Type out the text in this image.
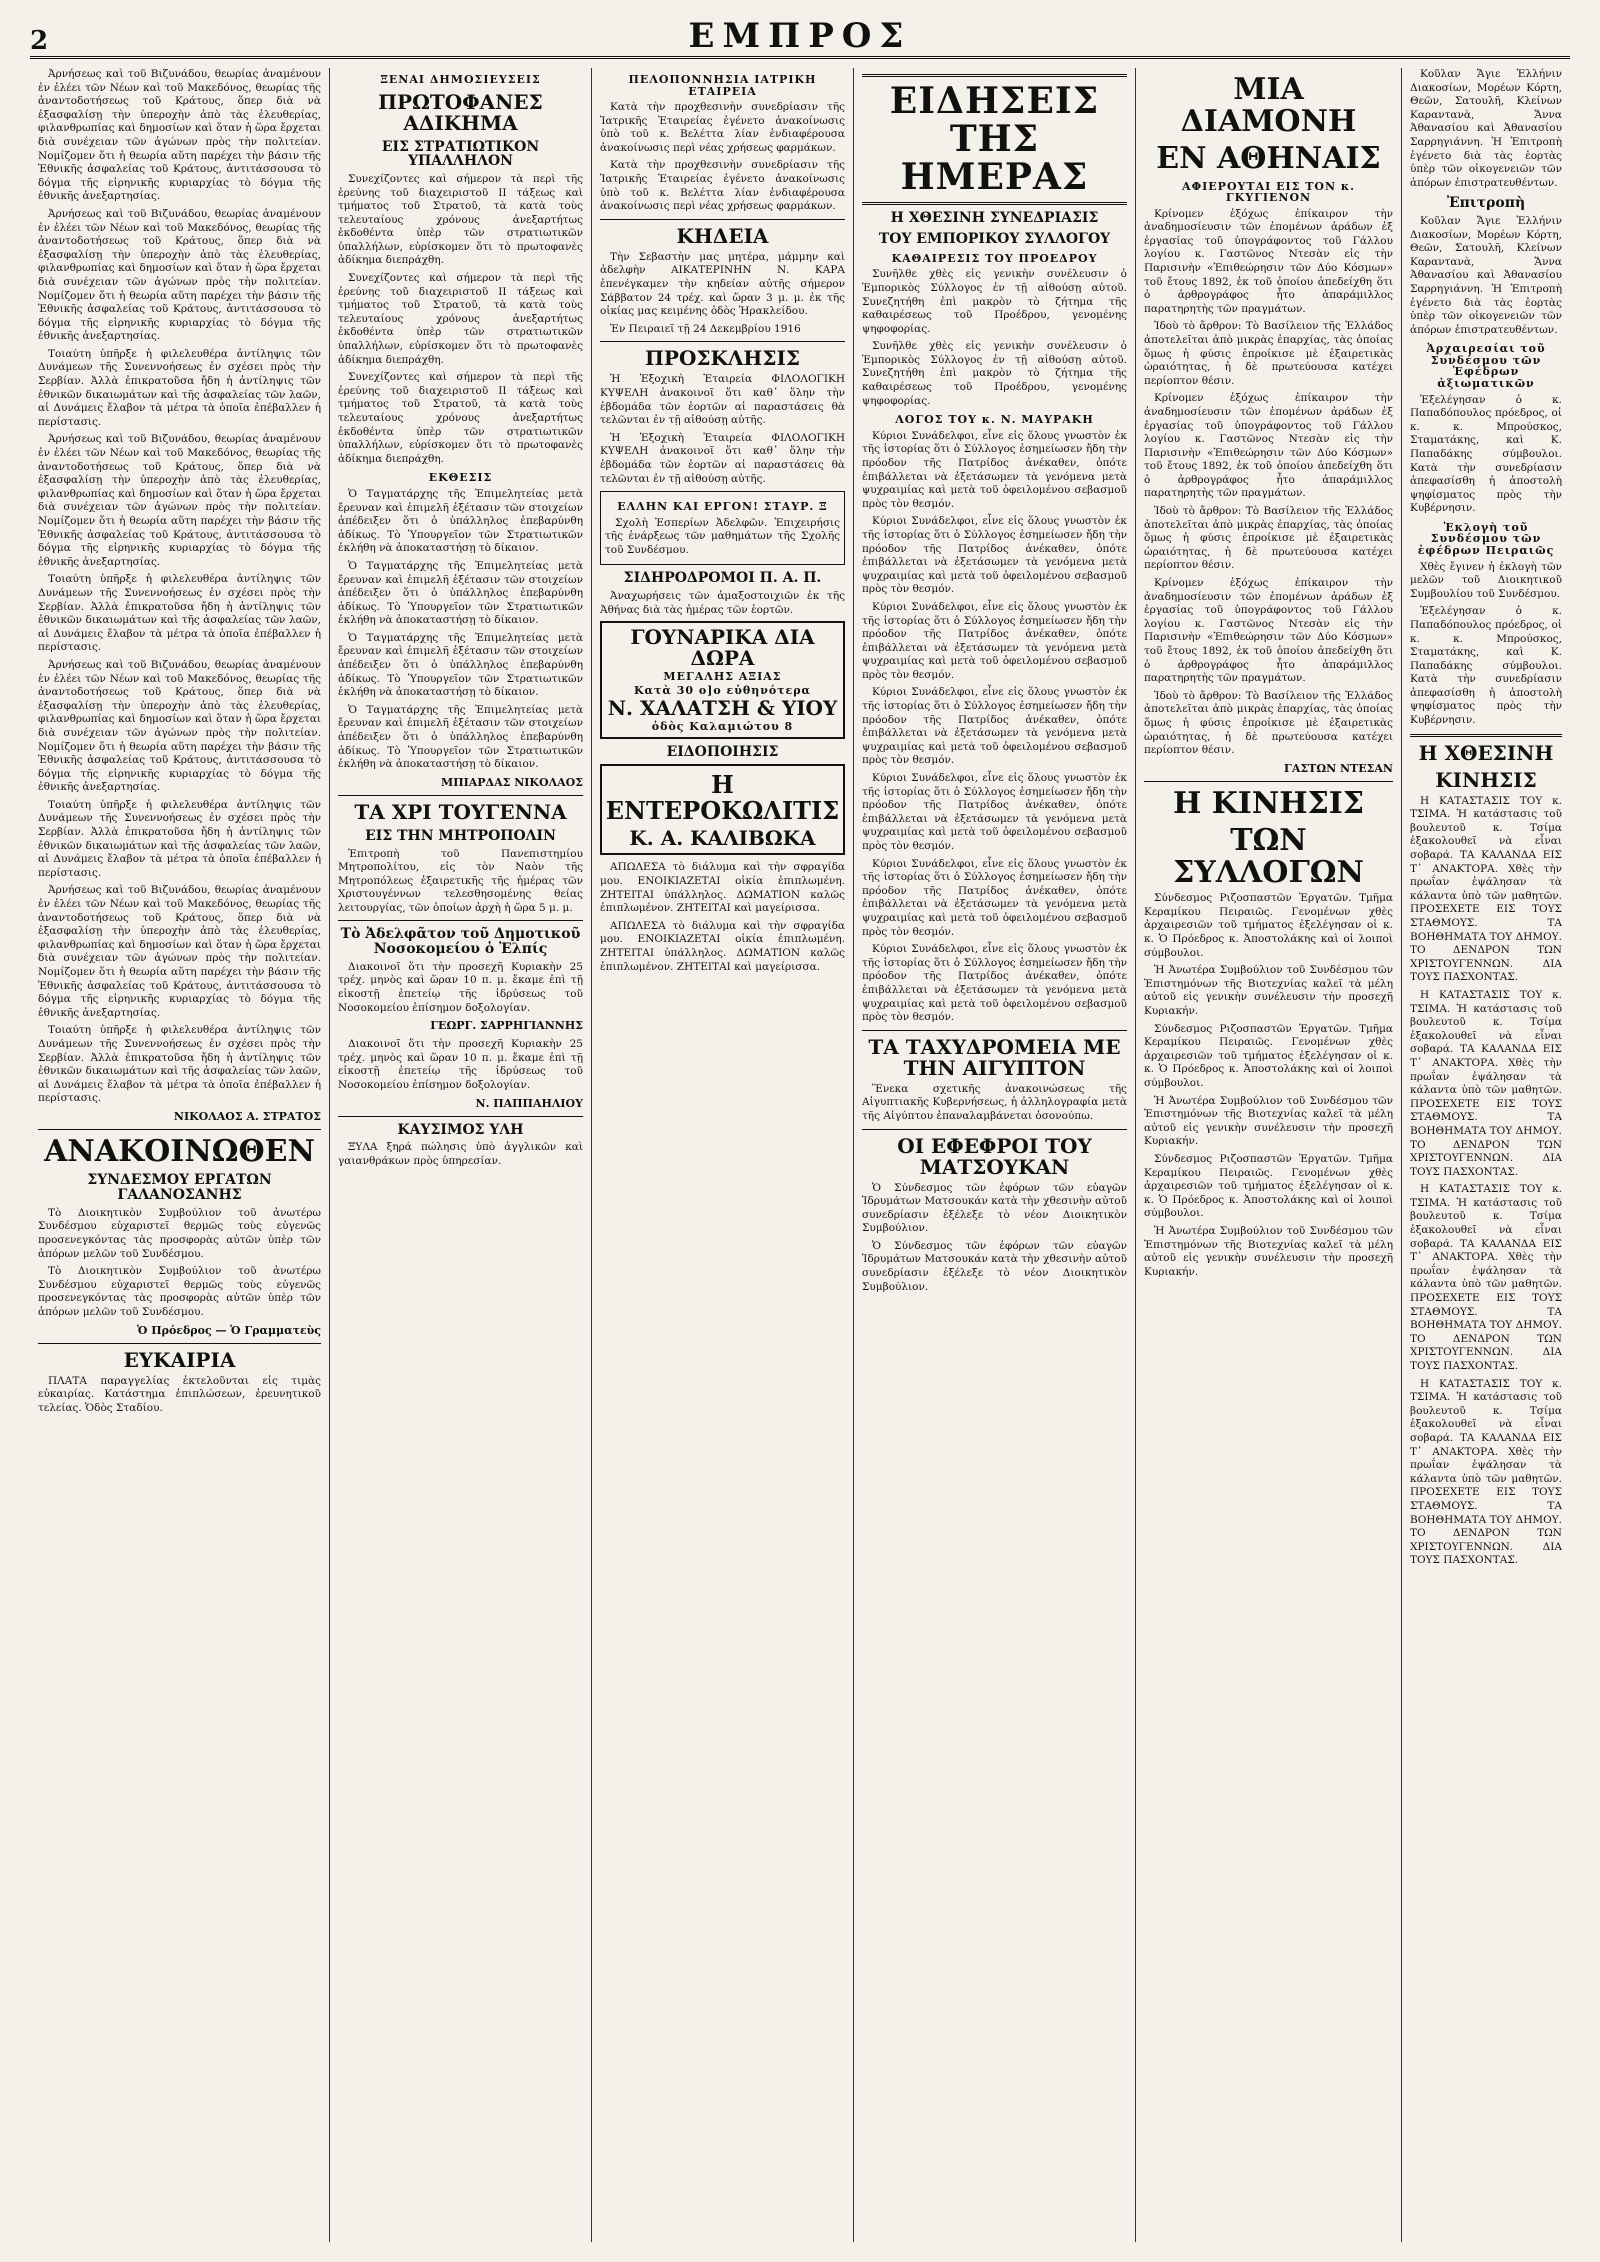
2	ΕΜΠΡΟΣ

Ἀρνήσεως καὶ τοῦ Βιζυνάδου, θεωρίας ἀναμένουν ἐν ἐλέει τῶν Νέων καὶ τοῦ Μακεδόνος, θεωρίας τῆς ἀναντοδοτήσεως τοῦ Κράτους, ὅπερ διὰ νὰ ἐξασφαλίσῃ τὴν ὑπεροχὴν ἀπὸ τὰς ἐλευθερίας, φιλανθρωπίας καὶ δημοσίων καὶ ὅταν ἡ ὥρα ἔρχεται διὰ συνέχειαν τῶν ἀγώνων πρὸς τὴν πολιτείαν. Νομίζομεν ὅτι ἡ θεωρία αὕτη παρέχει τὴν βάσιν τῆς Ἐθνικῆς ἀσφαλείας τοῦ Κράτους, ἀντιτάσσουσα τὸ δόγμα τῆς εἰρηνικῆς κυριαρχίας τὸ δόγμα τῆς ἐθνικῆς ἀνεξαρτησίας.

Ἀρνήσεως καὶ τοῦ Βιζυνάδου, θεωρίας ἀναμένουν ἐν ἐλέει τῶν Νέων καὶ τοῦ Μακεδόνος, θεωρίας τῆς ἀναντοδοτήσεως τοῦ Κράτους, ὅπερ διὰ νὰ ἐξασφαλίσῃ τὴν ὑπεροχὴν ἀπὸ τὰς ἐλευθερίας, φιλανθρωπίας καὶ δημοσίων καὶ ὅταν ἡ ὥρα ἔρχεται διὰ συνέχειαν τῶν ἀγώνων πρὸς τὴν πολιτείαν. Νομίζομεν ὅτι ἡ θεωρία αὕτη παρέχει τὴν βάσιν τῆς Ἐθνικῆς ἀσφαλείας τοῦ Κράτους, ἀντιτάσσουσα τὸ δόγμα τῆς εἰρηνικῆς κυριαρχίας τὸ δόγμα τῆς ἐθνικῆς ἀνεξαρτησίας.

Τοιαύτη ὑπῆρξε ἡ φιλελευθέρα ἀντίληψις τῶν Δυνάμεων τῆς Συνεννοήσεως ἐν σχέσει πρὸς τὴν Σερβίαν. Ἀλλὰ ἐπικρατοῦσα ἤδη ἡ ἀντίληψις τῶν ἐθνικῶν δικαιωμάτων καὶ τῆς ἀσφαλείας τῶν λαῶν, αἱ Δυνάμεις ἔλαβον τὰ μέτρα τὰ ὁποῖα ἐπέβαλλεν ἡ περίστασις.

Ἀρνήσεως καὶ τοῦ Βιζυνάδου, θεωρίας ἀναμένουν ἐν ἐλέει τῶν Νέων καὶ τοῦ Μακεδόνος, θεωρίας τῆς ἀναντοδοτήσεως τοῦ Κράτους, ὅπερ διὰ νὰ ἐξασφαλίσῃ τὴν ὑπεροχὴν ἀπὸ τὰς ἐλευθερίας, φιλανθρωπίας καὶ δημοσίων καὶ ὅταν ἡ ὥρα ἔρχεται διὰ συνέχειαν τῶν ἀγώνων πρὸς τὴν πολιτείαν. Νομίζομεν ὅτι ἡ θεωρία αὕτη παρέχει τὴν βάσιν τῆς Ἐθνικῆς ἀσφαλείας τοῦ Κράτους, ἀντιτάσσουσα τὸ δόγμα τῆς εἰρηνικῆς κυριαρχίας τὸ δόγμα τῆς ἐθνικῆς ἀνεξαρτησίας.

Τοιαύτη ὑπῆρξε ἡ φιλελευθέρα ἀντίληψις τῶν Δυνάμεων τῆς Συνεννοήσεως ἐν σχέσει πρὸς τὴν Σερβίαν. Ἀλλὰ ἐπικρατοῦσα ἤδη ἡ ἀντίληψις τῶν ἐθνικῶν δικαιωμάτων καὶ τῆς ἀσφαλείας τῶν λαῶν, αἱ Δυνάμεις ἔλαβον τὰ μέτρα τὰ ὁποῖα ἐπέβαλλεν ἡ περίστασις.

Ἀρνήσεως καὶ τοῦ Βιζυνάδου, θεωρίας ἀναμένουν ἐν ἐλέει τῶν Νέων καὶ τοῦ Μακεδόνος, θεωρίας τῆς ἀναντοδοτήσεως τοῦ Κράτους, ὅπερ διὰ νὰ ἐξασφαλίσῃ τὴν ὑπεροχὴν ἀπὸ τὰς ἐλευθερίας, φιλανθρωπίας καὶ δημοσίων καὶ ὅταν ἡ ὥρα ἔρχεται διὰ συνέχειαν τῶν ἀγώνων πρὸς τὴν πολιτείαν. Νομίζομεν ὅτι ἡ θεωρία αὕτη παρέχει τὴν βάσιν τῆς Ἐθνικῆς ἀσφαλείας τοῦ Κράτους, ἀντιτάσσουσα τὸ δόγμα τῆς εἰρηνικῆς κυριαρχίας τὸ δόγμα τῆς ἐθνικῆς ἀνεξαρτησίας.

Τοιαύτη ὑπῆρξε ἡ φιλελευθέρα ἀντίληψις τῶν Δυνάμεων τῆς Συνεννοήσεως ἐν σχέσει πρὸς τὴν Σερβίαν. Ἀλλὰ ἐπικρατοῦσα ἤδη ἡ ἀντίληψις τῶν ἐθνικῶν δικαιωμάτων καὶ τῆς ἀσφαλείας τῶν λαῶν, αἱ Δυνάμεις ἔλαβον τὰ μέτρα τὰ ὁποῖα ἐπέβαλλεν ἡ περίστασις.

Ἀρνήσεως καὶ τοῦ Βιζυνάδου, θεωρίας ἀναμένουν ἐν ἐλέει τῶν Νέων καὶ τοῦ Μακεδόνος, θεωρίας τῆς ἀναντοδοτήσεως τοῦ Κράτους, ὅπερ διὰ νὰ ἐξασφαλίσῃ τὴν ὑπεροχὴν ἀπὸ τὰς ἐλευθερίας, φιλανθρωπίας καὶ δημοσίων καὶ ὅταν ἡ ὥρα ἔρχεται διὰ συνέχειαν τῶν ἀγώνων πρὸς τὴν πολιτείαν. Νομίζομεν ὅτι ἡ θεωρία αὕτη παρέχει τὴν βάσιν τῆς Ἐθνικῆς ἀσφαλείας τοῦ Κράτους, ἀντιτάσσουσα τὸ δόγμα τῆς εἰρηνικῆς κυριαρχίας τὸ δόγμα τῆς ἐθνικῆς ἀνεξαρτησίας.

Τοιαύτη ὑπῆρξε ἡ φιλελευθέρα ἀντίληψις τῶν Δυνάμεων τῆς Συνεννοήσεως ἐν σχέσει πρὸς τὴν Σερβίαν. Ἀλλὰ ἐπικρατοῦσα ἤδη ἡ ἀντίληψις τῶν ἐθνικῶν δικαιωμάτων καὶ τῆς ἀσφαλείας τῶν λαῶν, αἱ Δυνάμεις ἔλαβον τὰ μέτρα τὰ ὁποῖα ἐπέβαλλεν ἡ περίστασις.

ΝΙΚΟΛΑΟΣ Α. ΣΤΡΑΤΟΣ
ΑΝΑΚΟΙΝΩΘΕΝ
ΣΥΝΔΕΣΜΟΥ ΕΡΓΑΤΩΝ ΓΑΛΑΝΟΣΑΝΗΣ

Τὸ Διοικητικὸν Συμβούλιον τοῦ ἀνωτέρω Συνδέσμου εὐχαριστεῖ θερμῶς τοὺς εὐγενῶς προσενεγκόντας τὰς προσφορὰς αὐτῶν ὑπὲρ τῶν ἀπόρων μελῶν τοῦ Συνδέσμου.

Τὸ Διοικητικὸν Συμβούλιον τοῦ ἀνωτέρω Συνδέσμου εὐχαριστεῖ θερμῶς τοὺς εὐγενῶς προσενεγκόντας τὰς προσφορὰς αὐτῶν ὑπὲρ τῶν ἀπόρων μελῶν τοῦ Συνδέσμου.

Ὁ Πρόεδρος — Ὁ Γραμματεὺς
ΕΥΚΑΙΡΙΑ

ΠΛΑΤΑ παραγγελίας ἐκτελοῦνται εἰς τιμὰς εὐκαιρίας. Κατάστημα ἐπιπλώσεων, ἐρευνητικοῦ τελείας. Ὁδὸς Σταδίου.

ΞΕΝΑΙ ΔΗΜΟΣΙΕΥΣΕΙΣ
ΠΡΩΤΟΦΑΝΕΣ ΑΔΙΚΗΜΑ
ΕΙΣ ΣΤΡΑΤΙΩΤΙΚΟΝ ΥΠΑΛΛΗΛΟΝ

Συνεχίζοντες καὶ σήμερον τὰ περὶ τῆς ἐρεύνης τοῦ διαχειριστοῦ ΙΙ τάξεως καὶ τμήματος τοῦ Στρατοῦ, τὰ κατὰ τοὺς τελευταίους χρόνους ἀνεξαρτήτως ἐκδοθέντα ὑπὲρ τῶν στρατιωτικῶν ὑπαλλήλων, εὐρίσκομεν ὅτι τὸ πρωτοφανὲς ἀδίκημα διεπράχθη.

Συνεχίζοντες καὶ σήμερον τὰ περὶ τῆς ἐρεύνης τοῦ διαχειριστοῦ ΙΙ τάξεως καὶ τμήματος τοῦ Στρατοῦ, τὰ κατὰ τοὺς τελευταίους χρόνους ἀνεξαρτήτως ἐκδοθέντα ὑπὲρ τῶν στρατιωτικῶν ὑπαλλήλων, εὐρίσκομεν ὅτι τὸ πρωτοφανὲς ἀδίκημα διεπράχθη.

Συνεχίζοντες καὶ σήμερον τὰ περὶ τῆς ἐρεύνης τοῦ διαχειριστοῦ ΙΙ τάξεως καὶ τμήματος τοῦ Στρατοῦ, τὰ κατὰ τοὺς τελευταίους χρόνους ἀνεξαρτήτως ἐκδοθέντα ὑπὲρ τῶν στρατιωτικῶν ὑπαλλήλων, εὐρίσκομεν ὅτι τὸ πρωτοφανὲς ἀδίκημα διεπράχθη.

ΕΚΘΕΣΙΣ

Ὁ Ταγματάρχης τῆς Ἐπιμελητείας μετὰ ἔρευναν καὶ ἐπιμελῆ ἐξέτασιν τῶν στοιχείων ἀπέδειξεν ὅτι ὁ ὑπάλληλος ἐπεβαρύνθη ἀδίκως. Τὸ Ὑπουργεῖον τῶν Στρατιωτικῶν ἐκλήθη νὰ ἀποκαταστήσῃ τὸ δίκαιον.

Ὁ Ταγματάρχης τῆς Ἐπιμελητείας μετὰ ἔρευναν καὶ ἐπιμελῆ ἐξέτασιν τῶν στοιχείων ἀπέδειξεν ὅτι ὁ ὑπάλληλος ἐπεβαρύνθη ἀδίκως. Τὸ Ὑπουργεῖον τῶν Στρατιωτικῶν ἐκλήθη νὰ ἀποκαταστήσῃ τὸ δίκαιον.

Ὁ Ταγματάρχης τῆς Ἐπιμελητείας μετὰ ἔρευναν καὶ ἐπιμελῆ ἐξέτασιν τῶν στοιχείων ἀπέδειξεν ὅτι ὁ ὑπάλληλος ἐπεβαρύνθη ἀδίκως. Τὸ Ὑπουργεῖον τῶν Στρατιωτικῶν ἐκλήθη νὰ ἀποκαταστήσῃ τὸ δίκαιον.

Ὁ Ταγματάρχης τῆς Ἐπιμελητείας μετὰ ἔρευναν καὶ ἐπιμελῆ ἐξέτασιν τῶν στοιχείων ἀπέδειξεν ὅτι ὁ ὑπάλληλος ἐπεβαρύνθη ἀδίκως. Τὸ Ὑπουργεῖον τῶν Στρατιωτικῶν ἐκλήθη νὰ ἀποκαταστήσῃ τὸ δίκαιον.

ΜΠΙΑΡΔΑΣ ΝΙΚΟΛΑΟΣ
ΤΑ ΧΡΙ ΤΟΥΓΕΝΝΑ
ΕΙΣ ΤΗΝ ΜΗΤΡΟΠΟΛΙΝ

Ἐπιτροπὴ τοῦ Πανεπιστημίου Μητροπολίτου, εἰς τὸν Ναὸν τῆς Μητροπόλεως ἐξαιρετικῆς τῆς ἡμέρας τῶν Χριστουγέννων τελεσθησομένης θείας λειτουργίας, τῶν ὁποίων ἀρχὴ ἡ ὥρα 5 μ. μ.

Τὸ Ἀδελφᾶτον τοῦ Δημοτικοῦ Νοσοκομείου ὁ Ἐλπίς

Διακοινοῖ ὅτι τὴν προσεχῆ Κυριακὴν 25 τρέχ. μηνὸς καὶ ὥραν 10 π. μ. ἔκαμε ἐπὶ τῇ εἰκοστῇ ἐπετείῳ τῆς ἱδρύσεως τοῦ Νοσοκομείου ἐπίσημον δοξολογίαν.

ΓΕΩΡΓ. ΣΑΡΡΗΓΙΑΝΝΗΣ

Διακοινοῖ ὅτι τὴν προσεχῆ Κυριακὴν 25 τρέχ. μηνὸς καὶ ὥραν 10 π. μ. ἔκαμε ἐπὶ τῇ εἰκοστῇ ἐπετείῳ τῆς ἱδρύσεως τοῦ Νοσοκομείου ἐπίσημον δοξολογίαν.

Ν. ΠΑΠΠΑΗΛΙΟΥ
ΚΑΥΣΙΜΟΣ ΥΛΗ

ΞΥΛΑ ξηρά πώλησις ὑπὸ ἀγγλικῶν καὶ γαιανθράκων πρὸς ὑπηρεσίαν.

ΠΕΛΟΠΟΝΝΗΣΙΑ ΙΑΤΡΙΚΗ ΕΤΑΙΡΕΙΑ

Κατὰ τὴν προχθεσινὴν συνεδρίασιν τῆς Ἰατρικῆς Ἑταιρείας ἐγένετο ἀνακοίνωσις ὑπὸ τοῦ κ. Βελέττα λίαν ἐνδιαφέρουσα ἀνακοίνωσις περὶ νέας χρήσεως φαρμάκων.

Κατὰ τὴν προχθεσινὴν συνεδρίασιν τῆς Ἰατρικῆς Ἑταιρείας ἐγένετο ἀνακοίνωσις ὑπὸ τοῦ κ. Βελέττα λίαν ἐνδιαφέρουσα ἀνακοίνωσις περὶ νέας χρήσεως φαρμάκων.

ΚΗΔΕΙΑ

Τὴν Σεβαστὴν μας μητέρα, μάμμην καὶ ἀδελφὴν ΑΙΚΑΤΕΡΙΝΗΝ Ν. ΚΑΡΑ ἐπενέγκαμεν τὴν κηδείαν αὐτῆς σήμερον Σάββατον 24 τρέχ. καὶ ὥραν 3 μ. μ. ἐκ τῆς οἰκίας μας κειμένης ὁδὸς Ἡρακλείδου.

Ἐν Πειραιεῖ τῇ 24 Δεκεμβρίου 1916

ΠΡΟΣΚΛΗΣΙΣ

Ἡ Ἑξοχικὴ Ἑταιρεία ΦΙΛΟΛΟΓΙΚΗ ΚΥΨΕΛΗ ἀνακοινοῖ ὅτι καθ᾽ ὅλην τὴν ἑβδομάδα τῶν ἑορτῶν αἱ παραστάσεις θὰ τελῶνται ἐν τῇ αἰθούσῃ αὐτῆς.

Ἡ Ἑξοχικὴ Ἑταιρεία ΦΙΛΟΛΟΓΙΚΗ ΚΥΨΕΛΗ ἀνακοινοῖ ὅτι καθ᾽ ὅλην τὴν ἑβδομάδα τῶν ἑορτῶν αἱ παραστάσεις θὰ τελῶνται ἐν τῇ αἰθούσῃ αὐτῆς.

ΕΛΛΗΝ ΚΑΙ ΕΡΓΟΝ! ΣΤΑΥΡ. Ξ

Σχολὴ Ἑσπερίων Ἀδελφῶν. Ἐπιχειρήσις τῆς ἐνάρξεως τῶν μαθημάτων τῆς Σχολῆς τοῦ Συνδέσμου.

ΣΙΔΗΡΟΔΡΟΜΟΙ Π. Α. Π.

Ἀναχωρήσεις τῶν ἀμαξοστοιχιῶν ἐκ τῆς Ἀθήνας διὰ τὰς ἡμέρας τῶν ἑορτῶν.

ΓΟΥΝΑΡΙΚΑ ΔΙΑ ΔΩΡΑ
ΜΕΓΑΛΗΣ ΑΞΙΑΣ
Κατὰ 30 ο]ο εὐθηνότερα
Ν. ΧΑΛΑΤΣΗ & ΥΙΟΥ
ὁδὸς Καλαμιώτου 8
ΕΙΔΟΠΟΙΗΣΙΣ
Η ΕΝΤΕΡΟΚΩΛΙΤΙΣ
Κ. Α. ΚΑΛΙΒΩΚΑ

ΑΠΩΛΕΣΑ τὸ διάλυμα καὶ τὴν σφραγίδα μου. ΕΝΟΙΚΙΑΖΕΤΑΙ οἰκία ἐπιπλωμένη. ΖΗΤΕΙΤΑΙ ὑπάλληλος. ΔΩΜΑΤΙΟΝ καλῶς ἐπιπλωμένον. ΖΗΤΕΙΤΑΙ καὶ μαγείρισσα.

ΑΠΩΛΕΣΑ τὸ διάλυμα καὶ τὴν σφραγίδα μου. ΕΝΟΙΚΙΑΖΕΤΑΙ οἰκία ἐπιπλωμένη. ΖΗΤΕΙΤΑΙ ὑπάλληλος. ΔΩΜΑΤΙΟΝ καλῶς ἐπιπλωμένον. ΖΗΤΕΙΤΑΙ καὶ μαγείρισσα.

ΕΙΔΗΣΕΙΣ ΤΗΣ ΗΜΕΡΑΣ
Η ΧΘΕΣΙΝΗ ΣΥΝΕΔΡΙΑΣΙΣ
ΤΟΥ ΕΜΠΟΡΙΚΟΥ ΣΥΛΛΟΓΟΥ
ΚΑΘΑΙΡΕΣΙΣ ΤΟΥ ΠΡΟΕΔΡΟΥ

Συνῆλθε χθὲς εἰς γενικὴν συνέλευσιν ὁ Ἐμπορικὸς Σύλλογος ἐν τῇ αἰθούσῃ αὐτοῦ. Συνεζητήθη ἐπὶ μακρὸν τὸ ζήτημα τῆς καθαιρέσεως τοῦ Προέδρου, γενομένης ψηφοφορίας.

Συνῆλθε χθὲς εἰς γενικὴν συνέλευσιν ὁ Ἐμπορικὸς Σύλλογος ἐν τῇ αἰθούσῃ αὐτοῦ. Συνεζητήθη ἐπὶ μακρὸν τὸ ζήτημα τῆς καθαιρέσεως τοῦ Προέδρου, γενομένης ψηφοφορίας.

ΛΟΓΟΣ ΤΟΥ κ. Ν. ΜΑΥΡΑΚΗ

Κύριοι Συνάδελφοι, εἶνε εἰς ὅλους γνωστὸν ἐκ τῆς ἱστορίας ὅτι ὁ Σύλλογος ἐσημείωσεν ἤδη τὴν πρόοδον τῆς Πατρίδος ἀνέκαθεν, ὁπότε ἐπιβάλλεται νὰ ἐξετάσωμεν τὰ γενόμενα μετὰ ψυχραιμίας καὶ μετὰ τοῦ ὀφειλομένου σεβασμοῦ πρὸς τὸν θεσμόν.

Κύριοι Συνάδελφοι, εἶνε εἰς ὅλους γνωστὸν ἐκ τῆς ἱστορίας ὅτι ὁ Σύλλογος ἐσημείωσεν ἤδη τὴν πρόοδον τῆς Πατρίδος ἀνέκαθεν, ὁπότε ἐπιβάλλεται νὰ ἐξετάσωμεν τὰ γενόμενα μετὰ ψυχραιμίας καὶ μετὰ τοῦ ὀφειλομένου σεβασμοῦ πρὸς τὸν θεσμόν.

Κύριοι Συνάδελφοι, εἶνε εἰς ὅλους γνωστὸν ἐκ τῆς ἱστορίας ὅτι ὁ Σύλλογος ἐσημείωσεν ἤδη τὴν πρόοδον τῆς Πατρίδος ἀνέκαθεν, ὁπότε ἐπιβάλλεται νὰ ἐξετάσωμεν τὰ γενόμενα μετὰ ψυχραιμίας καὶ μετὰ τοῦ ὀφειλομένου σεβασμοῦ πρὸς τὸν θεσμόν.

Κύριοι Συνάδελφοι, εἶνε εἰς ὅλους γνωστὸν ἐκ τῆς ἱστορίας ὅτι ὁ Σύλλογος ἐσημείωσεν ἤδη τὴν πρόοδον τῆς Πατρίδος ἀνέκαθεν, ὁπότε ἐπιβάλλεται νὰ ἐξετάσωμεν τὰ γενόμενα μετὰ ψυχραιμίας καὶ μετὰ τοῦ ὀφειλομένου σεβασμοῦ πρὸς τὸν θεσμόν.

Κύριοι Συνάδελφοι, εἶνε εἰς ὅλους γνωστὸν ἐκ τῆς ἱστορίας ὅτι ὁ Σύλλογος ἐσημείωσεν ἤδη τὴν πρόοδον τῆς Πατρίδος ἀνέκαθεν, ὁπότε ἐπιβάλλεται νὰ ἐξετάσωμεν τὰ γενόμενα μετὰ ψυχραιμίας καὶ μετὰ τοῦ ὀφειλομένου σεβασμοῦ πρὸς τὸν θεσμόν.

Κύριοι Συνάδελφοι, εἶνε εἰς ὅλους γνωστὸν ἐκ τῆς ἱστορίας ὅτι ὁ Σύλλογος ἐσημείωσεν ἤδη τὴν πρόοδον τῆς Πατρίδος ἀνέκαθεν, ὁπότε ἐπιβάλλεται νὰ ἐξετάσωμεν τὰ γενόμενα μετὰ ψυχραιμίας καὶ μετὰ τοῦ ὀφειλομένου σεβασμοῦ πρὸς τὸν θεσμόν.

Κύριοι Συνάδελφοι, εἶνε εἰς ὅλους γνωστὸν ἐκ τῆς ἱστορίας ὅτι ὁ Σύλλογος ἐσημείωσεν ἤδη τὴν πρόοδον τῆς Πατρίδος ἀνέκαθεν, ὁπότε ἐπιβάλλεται νὰ ἐξετάσωμεν τὰ γενόμενα μετὰ ψυχραιμίας καὶ μετὰ τοῦ ὀφειλομένου σεβασμοῦ πρὸς τὸν θεσμόν.

ΤΑ ΤΑΧΥΔΡΟΜΕΙΑ ΜΕ ΤΗΝ ΑΙΓΥΠΤΟΝ

Ἕνεκα σχετικῆς ἀνακοινώσεως τῆς Αἰγυπτιακῆς Κυβερνήσεως, ἡ ἀλληλογραφία μετὰ τῆς Αἰγύπτου ἐπαναλαμβάνεται ὁσονούπω.

ΟΙ ΕΦΕΦΡΟΙ ΤΟΥ ΜΑΤΣΟΥΚΑΝ

Ὁ Σύνδεσμος τῶν ἐφόρων τῶν εὐαγῶν Ἱδρυμάτων Ματσουκάν κατὰ τὴν χθεσινὴν αὐτοῦ συνεδρίασιν ἐξέλεξε τὸ νέον Διοικητικὸν Συμβούλιον.

Ὁ Σύνδεσμος τῶν ἐφόρων τῶν εὐαγῶν Ἱδρυμάτων Ματσουκάν κατὰ τὴν χθεσινὴν αὐτοῦ συνεδρίασιν ἐξέλεξε τὸ νέον Διοικητικὸν Συμβούλιον.

ΜΙΑ ΔΙΑΜΟΝΗ
ΕΝ ΑΘΗΝΑΙΣ
ΑΦΙΕΡΟΥΤΑΙ ΕΙΣ ΤΟΝ κ. ΓΚΥΓΙΕΝΟΝ

Κρίνομεν ἐξόχως ἐπίκαιρον τὴν ἀναδημοσίευσιν τῶν ἐπομένων ἀράδων ἐξ ἐργασίας τοῦ ὑπογράφοντος τοῦ Γάλλου λογίου κ. Γαστῶνος Ντεσὰν εἰς τὴν Παρισινὴν «Ἐπιθεώρησιν τῶν Δύο Κόσμων» τοῦ ἔτους 1892, ἐκ τοῦ ὁποίου ἀπεδείχθη ὅτι ὁ ἀρθρογράφος ἦτο ἀπαράμιλλος παρατηρητὴς τῶν πραγμάτων.

Ἰδοὺ τὸ ἄρθρον: Τὸ Βασίλειον τῆς Ἑλλάδος ἀποτελεῖται ἀπὸ μικρὰς ἐπαρχίας, τὰς ὁποίας ὅμως ἡ φύσις ἐπροίκισε μὲ ἐξαιρετικὰς ὡραιότητας, ἡ δὲ πρωτεύουσα κατέχει περίοπτον θέσιν.

Κρίνομεν ἐξόχως ἐπίκαιρον τὴν ἀναδημοσίευσιν τῶν ἐπομένων ἀράδων ἐξ ἐργασίας τοῦ ὑπογράφοντος τοῦ Γάλλου λογίου κ. Γαστῶνος Ντεσὰν εἰς τὴν Παρισινὴν «Ἐπιθεώρησιν τῶν Δύο Κόσμων» τοῦ ἔτους 1892, ἐκ τοῦ ὁποίου ἀπεδείχθη ὅτι ὁ ἀρθρογράφος ἦτο ἀπαράμιλλος παρατηρητὴς τῶν πραγμάτων.

Ἰδοὺ τὸ ἄρθρον: Τὸ Βασίλειον τῆς Ἑλλάδος ἀποτελεῖται ἀπὸ μικρὰς ἐπαρχίας, τὰς ὁποίας ὅμως ἡ φύσις ἐπροίκισε μὲ ἐξαιρετικὰς ὡραιότητας, ἡ δὲ πρωτεύουσα κατέχει περίοπτον θέσιν.

Κρίνομεν ἐξόχως ἐπίκαιρον τὴν ἀναδημοσίευσιν τῶν ἐπομένων ἀράδων ἐξ ἐργασίας τοῦ ὑπογράφοντος τοῦ Γάλλου λογίου κ. Γαστῶνος Ντεσὰν εἰς τὴν Παρισινὴν «Ἐπιθεώρησιν τῶν Δύο Κόσμων» τοῦ ἔτους 1892, ἐκ τοῦ ὁποίου ἀπεδείχθη ὅτι ὁ ἀρθρογράφος ἦτο ἀπαράμιλλος παρατηρητὴς τῶν πραγμάτων.

Ἰδοὺ τὸ ἄρθρον: Τὸ Βασίλειον τῆς Ἑλλάδος ἀποτελεῖται ἀπὸ μικρὰς ἐπαρχίας, τὰς ὁποίας ὅμως ἡ φύσις ἐπροίκισε μὲ ἐξαιρετικὰς ὡραιότητας, ἡ δὲ πρωτεύουσα κατέχει περίοπτον θέσιν.

ΓΑΣΤΩΝ ΝΤΕΣΑΝ
Η ΚΙΝΗΣΙΣ
ΤΩΝ ΣΥΛΛΟΓΩΝ

Σύνδεσμος Ριζοσπαστῶν Ἐργατῶν. Τμῆμα Κεραμίκου Πειραιῶς. Γενομένων χθὲς ἀρχαιρεσιῶν τοῦ τμήματος ἐξελέγησαν οἱ κ. κ. Ὁ Πρόεδρος κ. Ἀποστολάκης καὶ οἱ λοιποὶ σύμβουλοι.

Ἡ Ἀνωτέρα Συμβούλιον τοῦ Συνδέσμου τῶν Ἐπιστημόνων τῆς Βιοτεχνίας καλεῖ τὰ μέλη αὐτοῦ εἰς γενικὴν συνέλευσιν τὴν προσεχῆ Κυριακήν.

Σύνδεσμος Ριζοσπαστῶν Ἐργατῶν. Τμῆμα Κεραμίκου Πειραιῶς. Γενομένων χθὲς ἀρχαιρεσιῶν τοῦ τμήματος ἐξελέγησαν οἱ κ. κ. Ὁ Πρόεδρος κ. Ἀποστολάκης καὶ οἱ λοιποὶ σύμβουλοι.

Ἡ Ἀνωτέρα Συμβούλιον τοῦ Συνδέσμου τῶν Ἐπιστημόνων τῆς Βιοτεχνίας καλεῖ τὰ μέλη αὐτοῦ εἰς γενικὴν συνέλευσιν τὴν προσεχῆ Κυριακήν.

Σύνδεσμος Ριζοσπαστῶν Ἐργατῶν. Τμῆμα Κεραμίκου Πειραιῶς. Γενομένων χθὲς ἀρχαιρεσιῶν τοῦ τμήματος ἐξελέγησαν οἱ κ. κ. Ὁ Πρόεδρος κ. Ἀποστολάκης καὶ οἱ λοιποὶ σύμβουλοι.

Ἡ Ἀνωτέρα Συμβούλιον τοῦ Συνδέσμου τῶν Ἐπιστημόνων τῆς Βιοτεχνίας καλεῖ τὰ μέλη αὐτοῦ εἰς γενικὴν συνέλευσιν τὴν προσεχῆ Κυριακήν.

Κοῦλαν Ἄγιε Ἑλλήνιν Διακοσίων, Μορέων Κόρτη, Θεῶν, Σατουλῆ, Κλείνων Καραντανὰ, Ἄννα Ἀθανασίου καὶ Ἀθανασίου Σαρρηγιάννη. Ἡ Ἐπιτροπὴ ἐγένετο διὰ τὰς ἑορτὰς ὑπὲρ τῶν οἰκογενειῶν τῶν ἀπόρων ἐπιστρατευθέντων.

Ἐπιτροπὴ

Κοῦλαν Ἄγιε Ἑλλήνιν Διακοσίων, Μορέων Κόρτη, Θεῶν, Σατουλῆ, Κλείνων Καραντανὰ, Ἄννα Ἀθανασίου καὶ Ἀθανασίου Σαρρηγιάννη. Ἡ Ἐπιτροπὴ ἐγένετο διὰ τὰς ἑορτὰς ὑπὲρ τῶν οἰκογενειῶν τῶν ἀπόρων ἐπιστρατευθέντων.

Ἀρχαιρεσίαι τοῦ Συνδέσμου τῶν Ἐφέδρων ἀξιωματικῶν

Ἐξελέγησαν ὁ κ. Παπαδόπουλος πρόεδρος, οἱ κ. κ. Μπρούσκος, Σταματάκης, καὶ Κ. Παπαδάκης σύμβουλοι. Κατὰ τὴν συνεδρίασιν ἀπεφασίσθη ἡ ἀποστολὴ ψηφίσματος πρὸς τὴν Κυβέρνησιν.

Ἐκλογὴ τοῦ Συνδέσμου τῶν ἐφέδρων Πειραιῶς

Χθὲς ἔγινεν ἡ ἐκλογὴ τῶν μελῶν τοῦ Διοικητικοῦ Συμβουλίου τοῦ Συνδέσμου.

Ἐξελέγησαν ὁ κ. Παπαδόπουλος πρόεδρος, οἱ κ. κ. Μπρούσκος, Σταματάκης, καὶ Κ. Παπαδάκης σύμβουλοι. Κατὰ τὴν συνεδρίασιν ἀπεφασίσθη ἡ ἀποστολὴ ψηφίσματος πρὸς τὴν Κυβέρνησιν.

Η ΧΘΕΣΙΝΗ
ΚΙΝΗΣΙΣ

Η ΚΑΤΑΣΤΑΣΙΣ ΤΟΥ κ. ΤΣΙΜΑ. Ἡ κατάστασις τοῦ βουλευτοῦ κ. Τσίμα ἐξακολουθεῖ νὰ εἶναι σοβαρά. ΤΑ ΚΑΛΑΝΔΑ ΕΙΣ Τ᾽ ΑΝΑΚΤΟΡΑ. Χθὲς τὴν πρωΐαν ἐψάλησαν τὰ κάλαντα ὑπὸ τῶν μαθητῶν. ΠΡΟΣΕΧΕΤΕ ΕΙΣ ΤΟΥΣ ΣΤΑΘΜΟΥΣ. ΤΑ ΒΟΗΘΗΜΑΤΑ ΤΟΥ ΔΗΜΟΥ. ΤΟ ΔΕΝΔΡΟΝ ΤΩΝ ΧΡΙΣΤΟΥΓΕΝΝΩΝ. ΔΙΑ ΤΟΥΣ ΠΑΣΧΟΝΤΑΣ.

Η ΚΑΤΑΣΤΑΣΙΣ ΤΟΥ κ. ΤΣΙΜΑ. Ἡ κατάστασις τοῦ βουλευτοῦ κ. Τσίμα ἐξακολουθεῖ νὰ εἶναι σοβαρά. ΤΑ ΚΑΛΑΝΔΑ ΕΙΣ Τ᾽ ΑΝΑΚΤΟΡΑ. Χθὲς τὴν πρωΐαν ἐψάλησαν τὰ κάλαντα ὑπὸ τῶν μαθητῶν. ΠΡΟΣΕΧΕΤΕ ΕΙΣ ΤΟΥΣ ΣΤΑΘΜΟΥΣ. ΤΑ ΒΟΗΘΗΜΑΤΑ ΤΟΥ ΔΗΜΟΥ. ΤΟ ΔΕΝΔΡΟΝ ΤΩΝ ΧΡΙΣΤΟΥΓΕΝΝΩΝ. ΔΙΑ ΤΟΥΣ ΠΑΣΧΟΝΤΑΣ.

Η ΚΑΤΑΣΤΑΣΙΣ ΤΟΥ κ. ΤΣΙΜΑ. Ἡ κατάστασις τοῦ βουλευτοῦ κ. Τσίμα ἐξακολουθεῖ νὰ εἶναι σοβαρά. ΤΑ ΚΑΛΑΝΔΑ ΕΙΣ Τ᾽ ΑΝΑΚΤΟΡΑ. Χθὲς τὴν πρωΐαν ἐψάλησαν τὰ κάλαντα ὑπὸ τῶν μαθητῶν. ΠΡΟΣΕΧΕΤΕ ΕΙΣ ΤΟΥΣ ΣΤΑΘΜΟΥΣ. ΤΑ ΒΟΗΘΗΜΑΤΑ ΤΟΥ ΔΗΜΟΥ. ΤΟ ΔΕΝΔΡΟΝ ΤΩΝ ΧΡΙΣΤΟΥΓΕΝΝΩΝ. ΔΙΑ ΤΟΥΣ ΠΑΣΧΟΝΤΑΣ.

Η ΚΑΤΑΣΤΑΣΙΣ ΤΟΥ κ. ΤΣΙΜΑ. Ἡ κατάστασις τοῦ βουλευτοῦ κ. Τσίμα ἐξακολουθεῖ νὰ εἶναι σοβαρά. ΤΑ ΚΑΛΑΝΔΑ ΕΙΣ Τ᾽ ΑΝΑΚΤΟΡΑ. Χθὲς τὴν πρωΐαν ἐψάλησαν τὰ κάλαντα ὑπὸ τῶν μαθητῶν. ΠΡΟΣΕΧΕΤΕ ΕΙΣ ΤΟΥΣ ΣΤΑΘΜΟΥΣ. ΤΑ ΒΟΗΘΗΜΑΤΑ ΤΟΥ ΔΗΜΟΥ. ΤΟ ΔΕΝΔΡΟΝ ΤΩΝ ΧΡΙΣΤΟΥΓΕΝΝΩΝ. ΔΙΑ ΤΟΥΣ ΠΑΣΧΟΝΤΑΣ.
